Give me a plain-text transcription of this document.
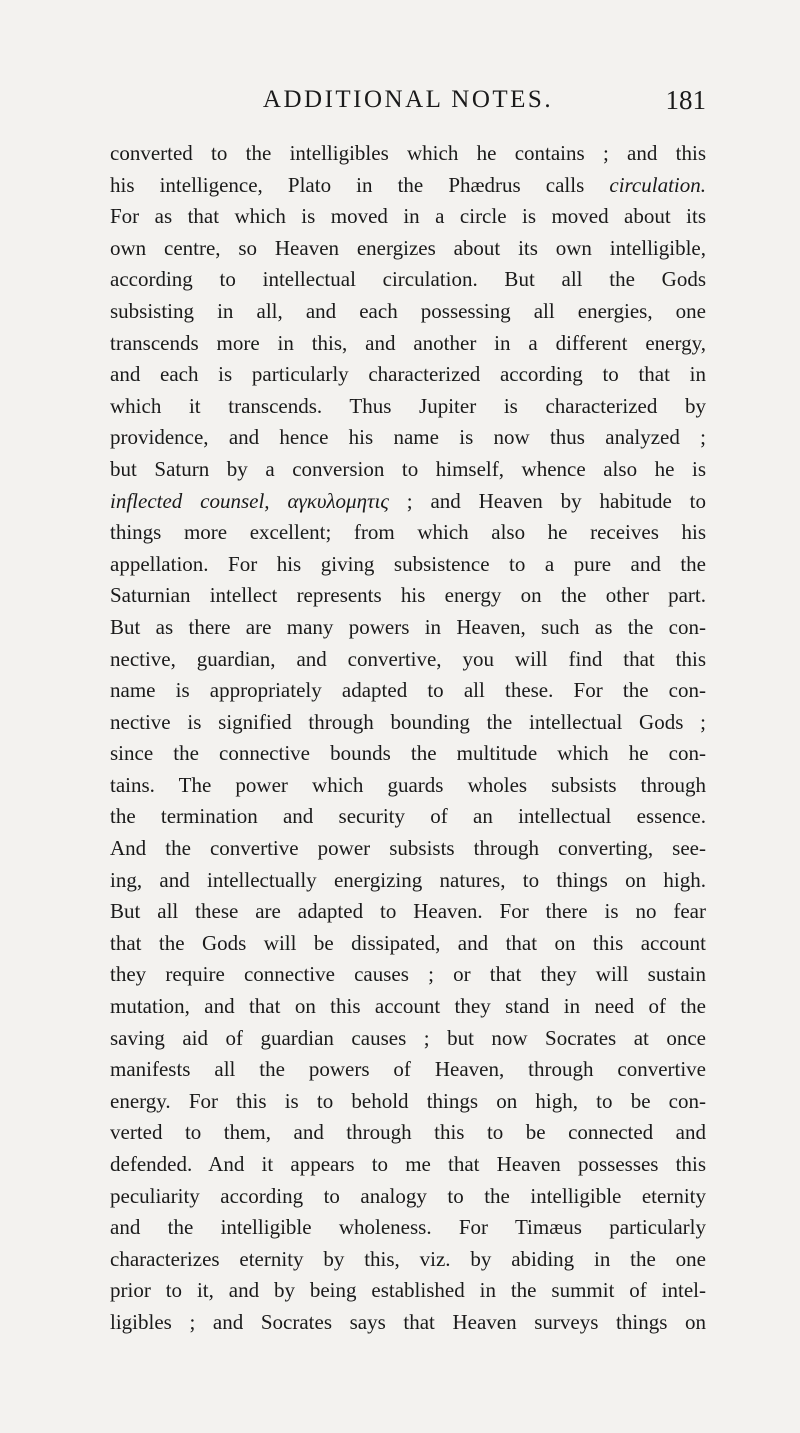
ADDITIONAL NOTES.	181
converted to the intelligibles which he contains ; and this
his intelligence, Plato in the Phædrus calls circulation.
For as that which is moved in a circle is moved about its
own centre, so Heaven energizes about its own intelligible,
according to intellectual circulation. But all the Gods
subsisting in all, and each possessing all energies, one
transcends more in this, and another in a different energy,
and each is particularly characterized according to that in
which it transcends. Thus Jupiter is characterized by
providence, and hence his name is now thus analyzed ;
but Saturn by a conversion to himself, whence also he is
inflected counsel, αγκυλομητις ; and Heaven by habitude to
things more excellent; from which also he receives his
appellation. For his giving subsistence to a pure and the
Saturnian intellect represents his energy on the other part.
But as there are many powers in Heaven, such as the con-
nective, guardian, and convertive, you will find that this
name is appropriately adapted to all these. For the con-
nective is signified through bounding the intellectual Gods ;
since the connective bounds the multitude which he con-
tains. The power which guards wholes subsists through
the termination and security of an intellectual essence.
And the convertive power subsists through converting, see-
ing, and intellectually energizing natures, to things on high.
But all these are adapted to Heaven. For there is no fear
that the Gods will be dissipated, and that on this account
they require connective causes ; or that they will sustain
mutation, and that on this account they stand in need of the
saving aid of guardian causes ; but now Socrates at once
manifests all the powers of Heaven, through convertive
energy. For this is to behold things on high, to be con-
verted to them, and through this to be connected and
defended. And it appears to me that Heaven possesses this
peculiarity according to analogy to the intelligible eternity
and the intelligible wholeness. For Timæus particularly
characterizes eternity by this, viz. by abiding in the one
prior to it, and by being established in the summit of intel-
ligibles ; and Socrates says that Heaven surveys things on
